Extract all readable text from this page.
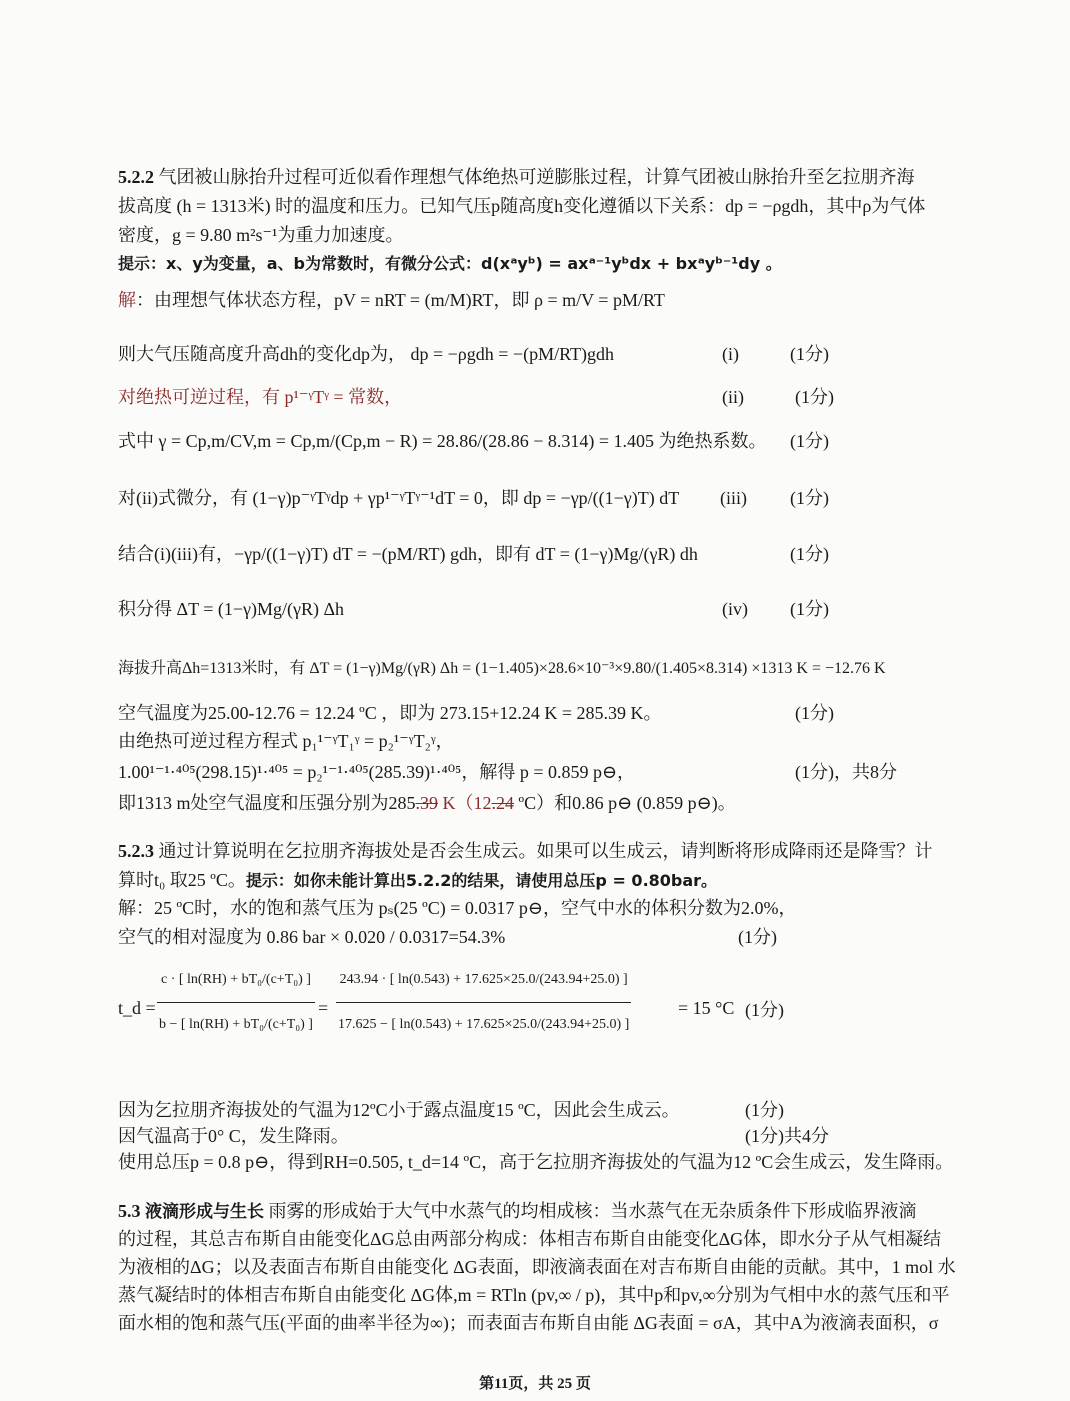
5.2.2 气团被山脉抬升过程可近似看作理想气体绝热可逆膨胀过程，计算气团被山脉抬升至乞拉朋齐海
拔高度 (h = 1313米) 时的温度和压力。已知气压p随高度h变化遵循以下关系：dp = −ρgdh，其中ρ为气体
密度，g = 9.80 m²s⁻¹为重力加速度。
提示：x、y为变量，a、b为常数时，有微分公式：d(xᵃyᵇ) = axᵃ⁻¹yᵇdx + bxᵃyᵇ⁻¹dy 。
解：由理想气体状态方程，pV = nRT = (m/M)RT，即 ρ = m/V = pM/RT
则大气压随高度升高dh的变化dp为， dp = −ρgdh = −(pM/RT)gdh	(i)	(1分)
对绝热可逆过程，有 p¹⁻ᵞTᵞ = 常数，	(ii)	(1分)
式中 γ = Cp,m/CV,m = Cp,m/(Cp,m − R) = 28.86/(28.86 − 8.314) = 1.405 为绝热系数。 (1分)
对(ii)式微分，有 (1−γ)p⁻ᵞTᵞdp + γp¹⁻ᵞTᵞ⁻¹dT = 0，即 dp = −γp/((1−γ)T) dT (iii) (1分)
结合(i)(iii)有，−γp/((1−γ)T) dT = −(pM/RT) gdh，即有 dT = (1−γ)Mg/(γR) dh	(1分)
积分得 ΔT = (1−γ)Mg/(γR) Δh	(iv) (1分)
海拔升高Δh=1313米时，有 ΔT = (1−γ)Mg/(γR) Δh = (1−1.405)×28.6×10⁻³×9.80/(1.405×8.314) ×1313 K = −12.76 K
空气温度为25.00-12.76 = 12.24 ºC ，即为 273.15+12.24 K = 285.39 K。	(1分)
由绝热可逆过程方程式 p₁¹⁻ᵞT₁ᵞ = p₂¹⁻ᵞT₂ᵞ，
1.00¹⁻¹·⁴⁰⁵(298.15)¹·⁴⁰⁵ = p₂¹⁻¹·⁴⁰⁵(285.39)¹·⁴⁰⁵，解得 p = 0.859 p⊖，	(1分)，共8分
即1313 m处空气温度和压强分别为285.39 K（12.24 ºC）和0.86 p⊖ (0.859 p⊖)。
5.2.3 通过计算说明在乞拉朋齐海拔处是否会生成云。如果可以生成云，请判断将形成降雨还是降雪？计
算时t₀ 取25 ºC。提示：如你未能计算出5.2.2的结果，请使用总压p = 0.80bar。
解：25 ºC时，水的饱和蒸气压为 pₛ(25 ºC) = 0.0317 p⊖，空气中水的体积分数为2.0%，
空气的相对湿度为 0.86 bar × 0.020 / 0.0317=54.3%	(1分)
t_d = $\frac{\text{c · [ ln(RH) + bT₀/(c+T₀) ]}}{\text{b − [ ln(RH) + bT₀/(c+T₀) ]}} = \frac{243.94 \cdot [ \ln(0.543) + 17.625\times 25.0/(243.94+25.0) ]}{17.625 - [ \ln(0.543) + 17.625\times 25.0/(243.94+25.0) ]}$	= 15 °C (1分)
因为乞拉朋齐海拔处的气温为12ºC小于露点温度15 ºC，因此会生成云。	(1分)
因气温高于0° C，发生降雨。	(1分)共4分
使用总压p = 0.8 p⊖，得到RH=0.505, t_d=14 ºC，高于乞拉朋齐海拔处的气温为12 ºC会生成云，发生降雨。
5.3 液滴形成与生长 雨雾的形成始于大气中水蒸气的均相成核：当水蒸气在无杂质条件下形成临界液滴
的过程，其总吉布斯自由能变化ΔG总由两部分构成：体相吉布斯自由能变化ΔG体，即水分子从气相凝结
为液相的ΔG；以及表面吉布斯自由能变化 ΔG表面，即液滴表面在对吉布斯自由能的贡献。其中，1 mol 水
蒸气凝结时的体相吉布斯自由能变化 ΔG体,m = RTln (pv,∞ / p)，其中p和pv,∞分别为气相中水的蒸气压和平
面水相的饱和蒸气压(平面的曲率半径为∞)；而表面吉布斯自由能 ΔG表面 = σA，其中A为液滴表面积，σ
第11页，共 25 页
